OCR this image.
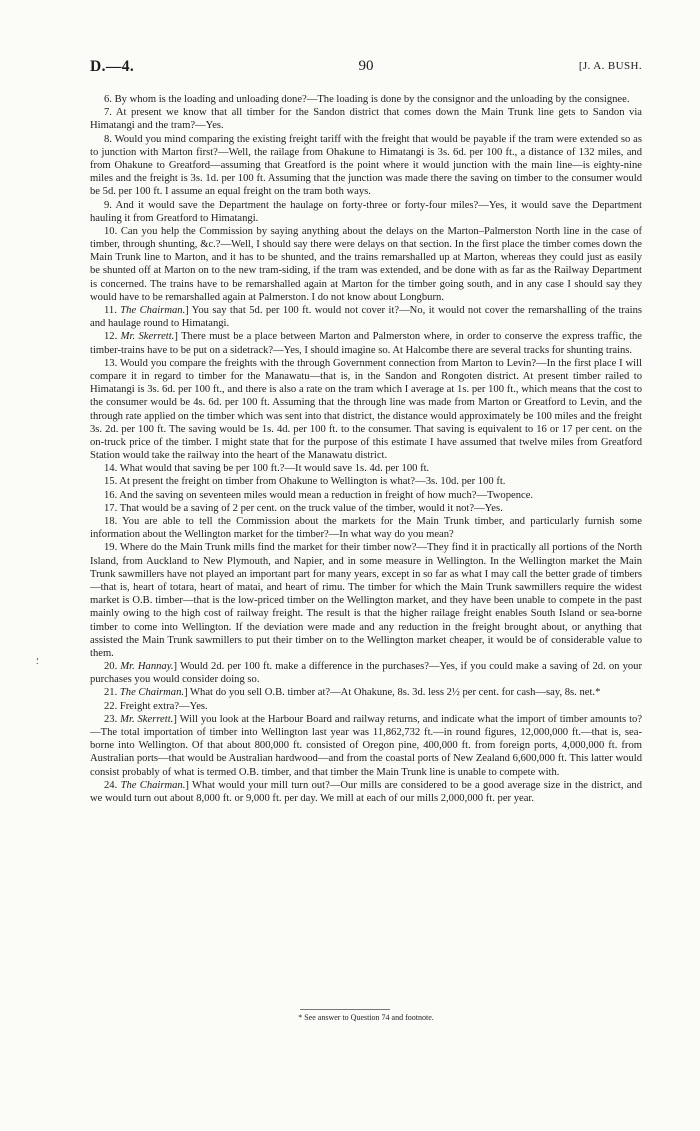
D.—4.	90	[J. A. BUSH.
⸵

6. By whom is the loading and unloading done?—The loading is done by the consignor and the unloading by the consignee.

7. At present we know that all timber for the Sandon district that comes down the Main Trunk line gets to Sandon via Himatangi and the tram?—Yes.

8. Would you mind comparing the existing freight tariff with the freight that would be payable if the tram were extended so as to junction with Marton first?—Well, the railage from Ohakune to Himatangi is 3s. 6d. per 100 ft., a distance of 132 miles, and from Ohakune to Greatford—assuming that Greatford is the point where it would junction with the main line—is eighty-nine miles and the freight is 3s. 1d. per 100 ft. Assuming that the junction was made there the saving on timber to the consumer would be 5d. per 100 ft. I assume an equal freight on the tram both ways.

9. And it would save the Department the haulage on forty-three or forty-four miles?—Yes, it would save the Department hauling it from Greatford to Himatangi.

10. Can you help the Commission by saying anything about the delays on the Marton–Palmerston North line in the case of timber, through shunting, &c.?—Well, I should say there were delays on that section. In the first place the timber comes down the Main Trunk line to Marton, and it has to be shunted, and the trains remarshalled up at Marton, whereas they could just as easily be shunted off at Marton on to the new tram-siding, if the tram was extended, and be done with as far as the Railway Department is concerned. The trains have to be remarshalled again at Marton for the timber going south, and in any case I should say they would have to be remarshalled again at Palmerston. I do not know about Longburn.

11. The Chairman.] You say that 5d. per 100 ft. would not cover it?—No, it would not cover the remarshalling of the trains and haulage round to Himatangi.

12. Mr. Skerrett.] There must be a place between Marton and Palmerston where, in order to conserve the express traffic, the timber-trains have to be put on a sidetrack?—Yes, I should imagine so. At Halcombe there are several tracks for shunting trains.

13. Would you compare the freights with the through Government connection from Marton to Levin?—In the first place I will compare it in regard to timber for the Manawatu—that is, in the Sandon and Rongoten district. At present timber railed to Himatangi is 3s. 6d. per 100 ft., and there is also a rate on the tram which I average at 1s. per 100 ft., which means that the cost to the consumer would be 4s. 6d. per 100 ft. Assuming that the through line was made from Marton or Greatford to Levin, and the through rate applied on the timber which was sent into that district, the distance would approximately be 100 miles and the freight 3s. 2d. per 100 ft. The saving would be 1s. 4d. per 100 ft. to the consumer. That saving is equivalent to 16 or 17 per cent. on the on-truck price of the timber. I might state that for the purpose of this estimate I have assumed that twelve miles from Greatford Station would take the railway into the heart of the Manawatu district.

14. What would that saving be per 100 ft.?—It would save 1s. 4d. per 100 ft.

15. At present the freight on timber from Ohakune to Wellington is what?—3s. 10d. per 100 ft.

16. And the saving on seventeen miles would mean a reduction in freight of how much?—Twopence.

17. That would be a saving of 2 per cent. on the truck value of the timber, would it not?—Yes.

18. You are able to tell the Commission about the markets for the Main Trunk timber, and particularly furnish some information about the Wellington market for the timber?—In what way do you mean?

19. Where do the Main Trunk mills find the market for their timber now?—They find it in practically all portions of the North Island, from Auckland to New Plymouth, and Napier, and in some measure in Wellington. In the Wellington market the Main Trunk sawmillers have not played an important part for many years, except in so far as what I may call the better grade of timbers—that is, heart of totara, heart of matai, and heart of rimu. The timber for which the Main Trunk sawmillers require the widest market is O.B. timber—that is the low-priced timber on the Wellington market, and they have been unable to compete in the past mainly owing to the high cost of railway freight. The result is that the higher railage freight enables South Island or sea-borne timber to come into Wellington. If the deviation were made and any reduction in the freight brought about, or anything that assisted the Main Trunk sawmillers to put their timber on to the Wellington market cheaper, it would be of considerable value to them.

20. Mr. Hannay.] Would 2d. per 100 ft. make a difference in the purchases?—Yes, if you could make a saving of 2d. on your purchases you would consider doing so.

21. The Chairman.] What do you sell O.B. timber at?—At Ohakune, 8s. 3d. less 2½ per cent. for cash—say, 8s. net.*

22. Freight extra?—Yes.

23. Mr. Skerrett.] Will you look at the Harbour Board and railway returns, and indicate what the import of timber amounts to?—The total importation of timber into Wellington last year was 11,862,732 ft.—in round figures, 12,000,000 ft.—that is, sea-borne into Wellington. Of that about 800,000 ft. consisted of Oregon pine, 400,000 ft. from foreign ports, 4,000,000 ft. from Australian ports—that would be Australian hardwood—and from the coastal ports of New Zealand 6,600,000 ft. This latter would consist probably of what is termed O.B. timber, and that timber the Main Trunk line is unable to compete with.

24. The Chairman.] What would your mill turn out?—Our mills are considered to be a good average size in the district, and we would turn out about 8,000 ft. or 9,000 ft. per day. We mill at each of our mills 2,000,000 ft. per year.

* See answer to Question 74 and footnote.
